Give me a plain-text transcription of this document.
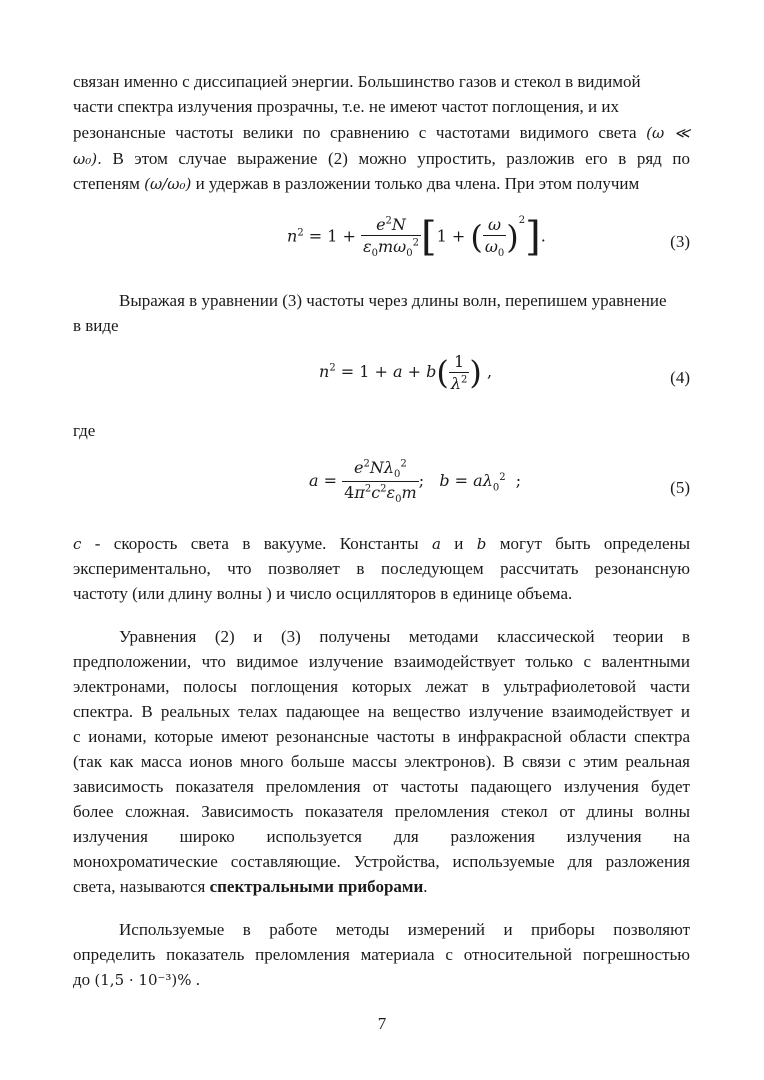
связан именно с диссипацией энергии. Большинство газов и стекол в видимой
части спектра излучения прозрачны, т.е. не имеют частот поглощения, и их
резонансные частоты велики по сравнению с частотами видимого света (ω ≪
ω₀). В этом случае выражение (2) можно упростить, разложив его в ряд по
степеням (ω/ω₀) и удержав в разложении только два члена. При этом получим
$n^2 = 1 + \frac{e^2N}{\varepsilon_0m\omega_0^2} [1$ + ( $\frac{\omega}{\omega_0} )^2$].	(3)
Выражая в уравнении (3) частоты через длины волн, перепишем уравнение
в виде
$n^2 = 1 + a + b( \frac{1}{\lambda^2}$ ) ,	(4)
где
$a = \frac{e^2N\lambda_0^2}{4\pi^2c^2\varepsilon_0m}$ ;   $b = a\lambda_0^2$  ;	(5)
c - скорость света в вакууме. Константы a и b могут быть определены
экспериментально, что позволяет в последующем рассчитать резонансную
частоту (или длину волны ) и число осцилляторов в единице объема.
Уравнения (2) и (3) получены методами классической теории в
предположении, что видимое излучение взаимодействует только с валентными
электронами, полосы поглощения которых лежат в ультрафиолетовой части
спектра. В реальных телах падающее на вещество излучение взаимодействует и
с ионами, которые имеют резонансные частоты в инфракрасной области спектра
(так как масса ионов много больше массы электронов). В связи с этим реальная
зависимость показателя преломления от частоты падающего излучения будет
более сложная. Зависимость показателя преломления стекол от длины волны
излучения широко используется для разложения излучения на
монохроматические составляющие. Устройства, используемые для разложения
света, называются спектральными приборами.
Используемые в работе методы измерений и приборы позволяют
определить показатель преломления материала с относительной погрешностью
до (1,5 · 10⁻³)% .
7
